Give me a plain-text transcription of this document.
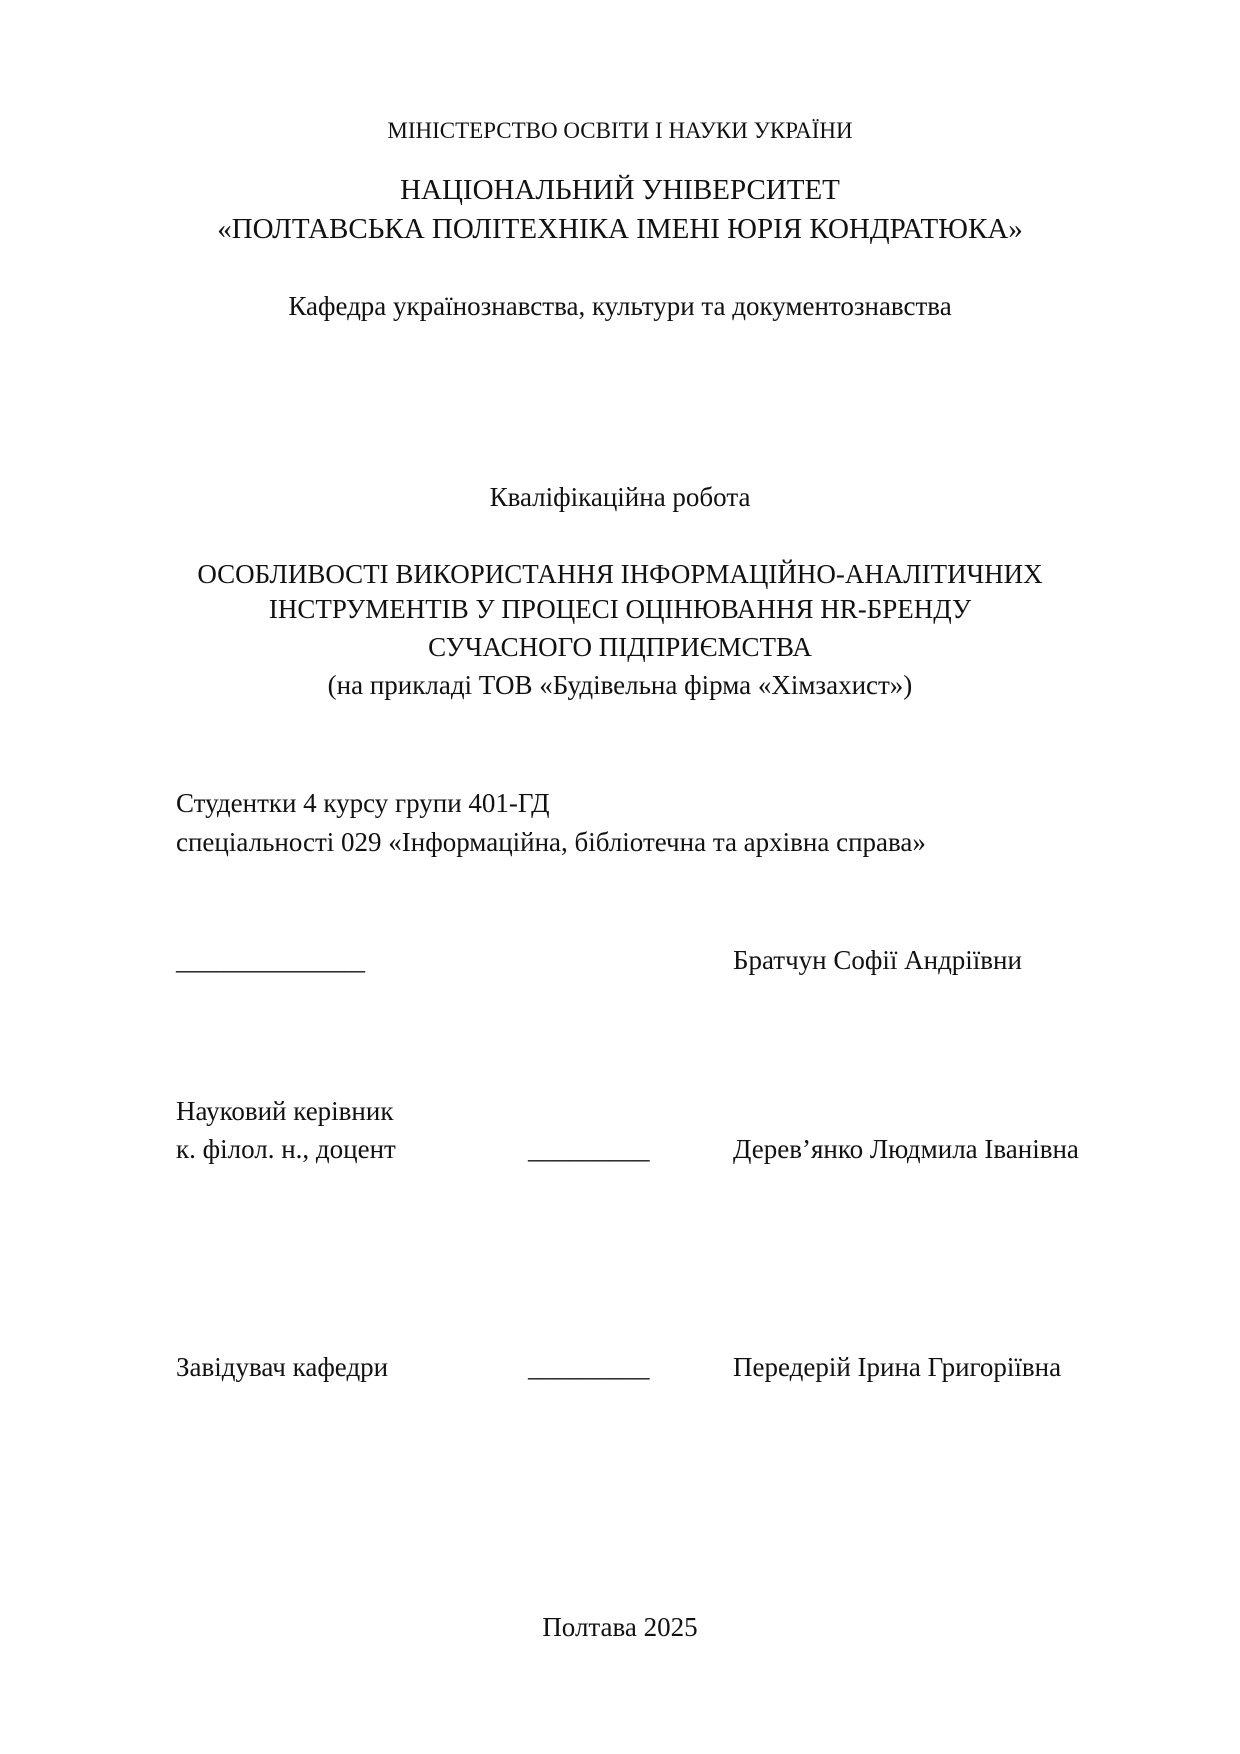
МІНІСТЕРСТВО ОСВІТИ І НАУКИ УКРАЇНИ
НАЦІОНАЛЬНИЙ УНІВЕРСИТЕТ
«ПОЛТАВСЬКА ПОЛІТЕХНІКА ІМЕНІ ЮРІЯ КОНДРАТЮКА»
Кафедра українознавства, культури та документознавства
Кваліфікаційна робота
ОСОБЛИВОСТІ ВИКОРИСТАННЯ ІНФОРМАЦІЙНО-АНАЛІТИЧНИХ
ІНСТРУМЕНТІВ У ПРОЦЕСІ ОЦІНЮВАННЯ HR-БРЕНДУ
СУЧАСНОГО ПІДПРИЄМСТВА
(на прикладі ТОВ «Будівельна фірма «Хімзахист»)
Студентки 4 курсу групи 401-ГД
спеціальності 029 «Інформаційна, бібліотечна та архівна справа»
______________	Братчун Софії Андріївни
Науковий керівник
к. філол. н., доцент	_________	Дерев’янко Людмила Іванівна
Завідувач кафедри	_________	Передерій Ірина Григоріївна
Полтава 2025
